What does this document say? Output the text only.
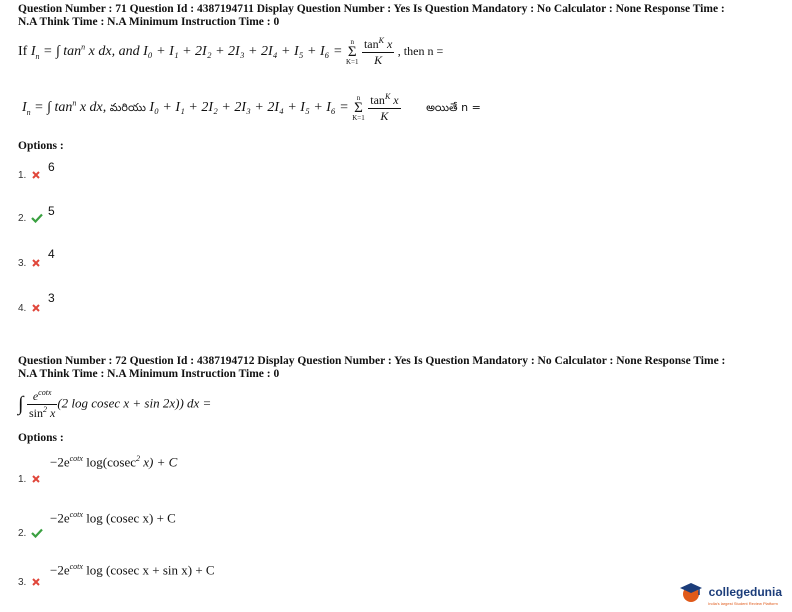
Question Number : 71 Question Id : 4387194711 Display Question Number : Yes Is Question Mandatory : No Calculator : None Response Time :
N.A Think Time : N.A Minimum Instruction Time : 0
If $I_n$ = ∫ $\tan^n x$ dx, and I₀ + I₁ + 2I₂ + 2I₃ + 2I₄ + I₅ + I₆ = n
Σ
$K=1 \frac{\tan^K x}{K}$ , then n =
$I_n$ = ∫ $\tan^n x$ dx, మరియు I₀ + I₁ + 2I₂ + 2I₃ + 2I₄ + I₅ + I₆ = n
Σ
$K=1 \frac{\tan^K x}{K}$ అయితే n =
Options :
6
1.
5
2.
4
3.
3
4.
Question Number : 72 Question Id : 4387194712 Display Question Number : Yes Is Question Mandatory : No Calculator : None Response Time :
N.A Think Time : N.A Minimum Instruction Time : 0
∫ $\frac{e^{cotx}}{\sin^2 x} (2$ log cosec x + sin 2x)) dx =
Options :
$-2e^{cotx}$ log(cosec$^2$ x) + C
1.
$-2e^{cotx}$ log (cosec x) + C
2.
$-2e^{cotx}$ log (cosec x + sin x) + C
3.
collegedunia
India's largest Student Review Platform
